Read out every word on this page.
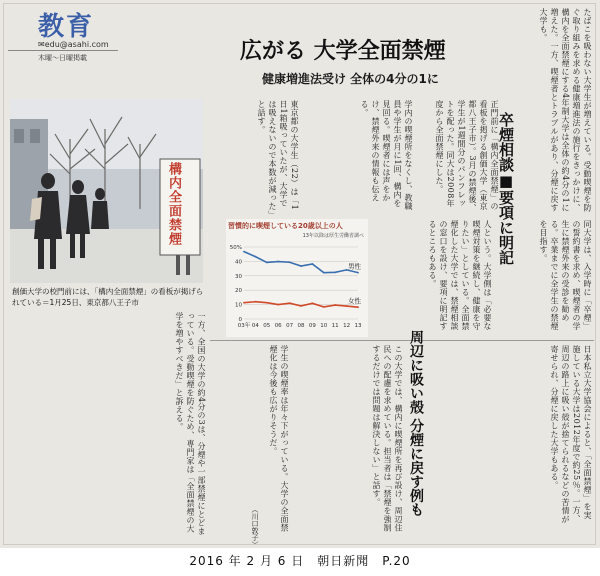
教育
✉edu@asahi.com
木曜〜日曜掲載	広がる 大学全面禁煙
健康増進法受け 全体の4分の1に
構内全面禁煙
創価大学の校門前には、「構内全面禁煙」の看板が掲げられている＝1月25日、東京都八王子市
一方、全国の大学の約4分の3は、分煙や一部禁煙にとどまっている。受動喫煙を防ぐため、専門家は「全面禁煙の大学を増やすべきだ」と訴える。
東京都の大学生（22）は「1日1箱吸っていたが、大学では吸えないので本数が減った」と話す。
習慣的に喫煙している20歳以上の人
13年以降は厚生労働省調べ
0
10
20
30
40
50%
03年 04 05 06 07 08 09 10 11 12 13
男性
女性
学内の喫煙所をなくし、教職員や学生が月に1回、構内を見回る。喫煙者には声をかけ、禁煙外来の情報も伝える。	正門前に「構内全面禁煙」の看板を掲げる創価大学（東京都八王子市）。3月の禁煙後、学生が1週間分のパンフレットを配った。同大は2008年度から全面禁煙にした。	たばこを吸わない大学生が増えている。受動喫煙を防ぐ取り組みを求める健康増進法の施行をきっかけに、構内を全面禁煙にする4年制大学は全体の約4分の1に増えた。一方、喫煙者とトラブルがあり、分煙に戻す大学も。
人という。大学側は「必要な喫煙対策を継続し、健康を守りたい」としている。全面禁煙化した大学では、禁煙相談の窓口を設け、要項に明記するところもある。	卒煙相談■要項に明記
同大学は、入学時に「卒煙」の誓約書を求め、喫煙者の学生に禁煙外来の受診を勧める。卒業までに全学生の禁煙を目指す。
学生の喫煙率は年々下がっている。大学の全面禁煙化は今後も広がりそうだ。	この大学では、構内に喫煙所を再び設け、周辺住民への配慮を求めている。担当者は「禁煙を強制するだけでは問題は解決しない」と話す。	周辺に吸い殻 分煙に戻す例も	日本私立大学協会によると、「全面禁煙」を実施している大学は2012年度で約25％。一方、周辺の路上に吸い殻が捨てられるなどの苦情が寄せられ、分煙に戻した大学もある。
（川口敦子）
2016 年 2 月 6 日　朝日新聞　P.20
